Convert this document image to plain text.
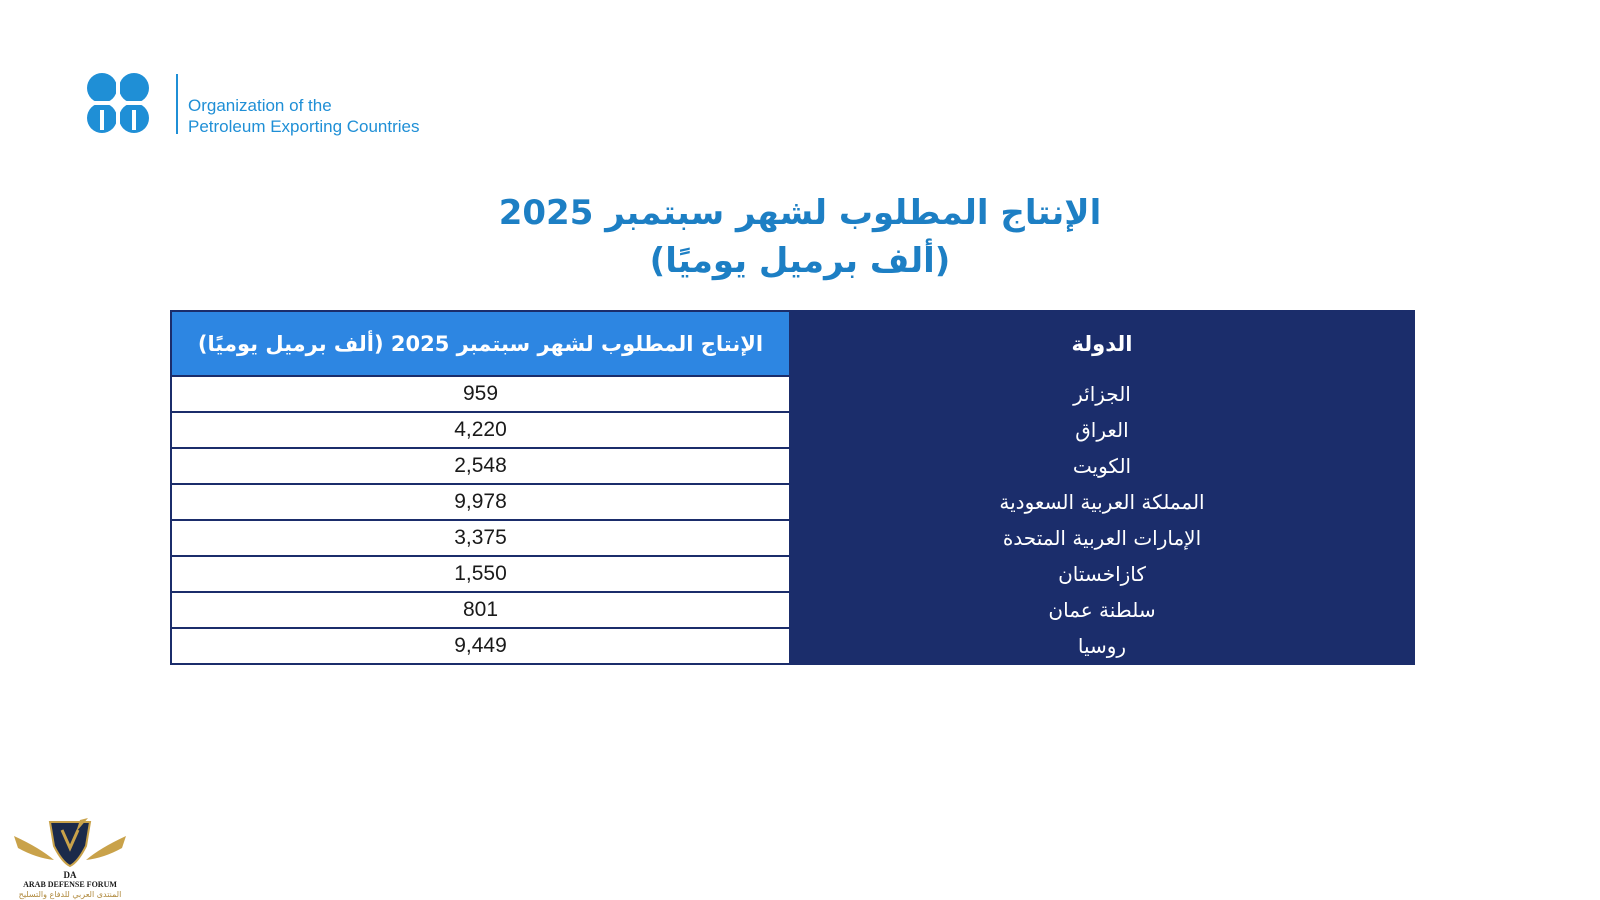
Organization of the
Petroleum Exporting Countries
الإنتاج المطلوب لشهر سبتمبر 2025
(ألف برميل يوميًا)
الدولة	الإنتاج المطلوب لشهر سبتمبر 2025 (ألف برميل يوميًا)
الجزائر	959
العراق	4,220
الكويت	2,548
المملكة العربية السعودية	9,978
الإمارات العربية المتحدة	3,375
كازاخستان	1,550
سلطنة عمان	801
روسيا	9,449
DA
ARAB DEFENSE FORUM
المنتدى العربي للدفاع والتسليح
